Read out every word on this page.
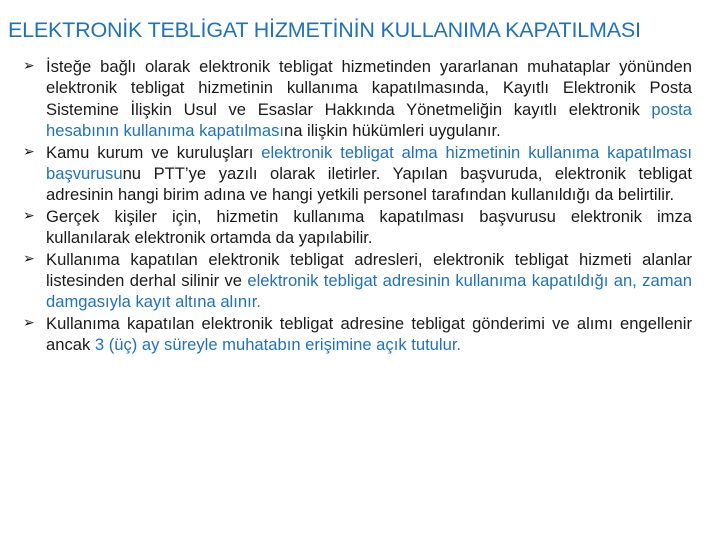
ELEKTRONİK TEBLİGAT HİZMETİNİN KULLANIMA KAPATILMASI
➢ İsteğe bağlı olarak elektronik tebligat hizmetinden yararlanan muhataplar yönünden elektronik tebligat hizmetinin kullanıma kapatılmasında, Kayıtlı Elektronik Posta Sistemine İlişkin Usul ve Esaslar Hakkında Yönetmeliğin kayıtlı elektronik posta hesabının kullanıma kapatılmasına ilişkin hükümleri uygulanır.
➢ Kamu kurum ve kuruluşları elektronik tebligat alma hizmetinin kullanıma kapatılması başvurusunu PTT’ye yazılı olarak iletirler. Yapılan başvuruda, elektronik tebligat adresinin hangi birim adına ve hangi yetkili personel tarafından kullanıldığı da belirtilir.
➢ Gerçek kişiler için, hizmetin kullanıma kapatılması başvurusu elektronik imza kullanılarak elektronik ortamda da yapılabilir.
➢ Kullanıma kapatılan elektronik tebligat adresleri, elektronik tebligat hizmeti alanlar listesinden derhal silinir ve elektronik tebligat adresinin kullanıma kapatıldığı an, zaman damgasıyla kayıt altına alınır.
➢ Kullanıma kapatılan elektronik tebligat adresine tebligat gönderimi ve alımı engellenir ancak 3 (üç) ay süreyle muhatabın erişimine açık tutulur.
